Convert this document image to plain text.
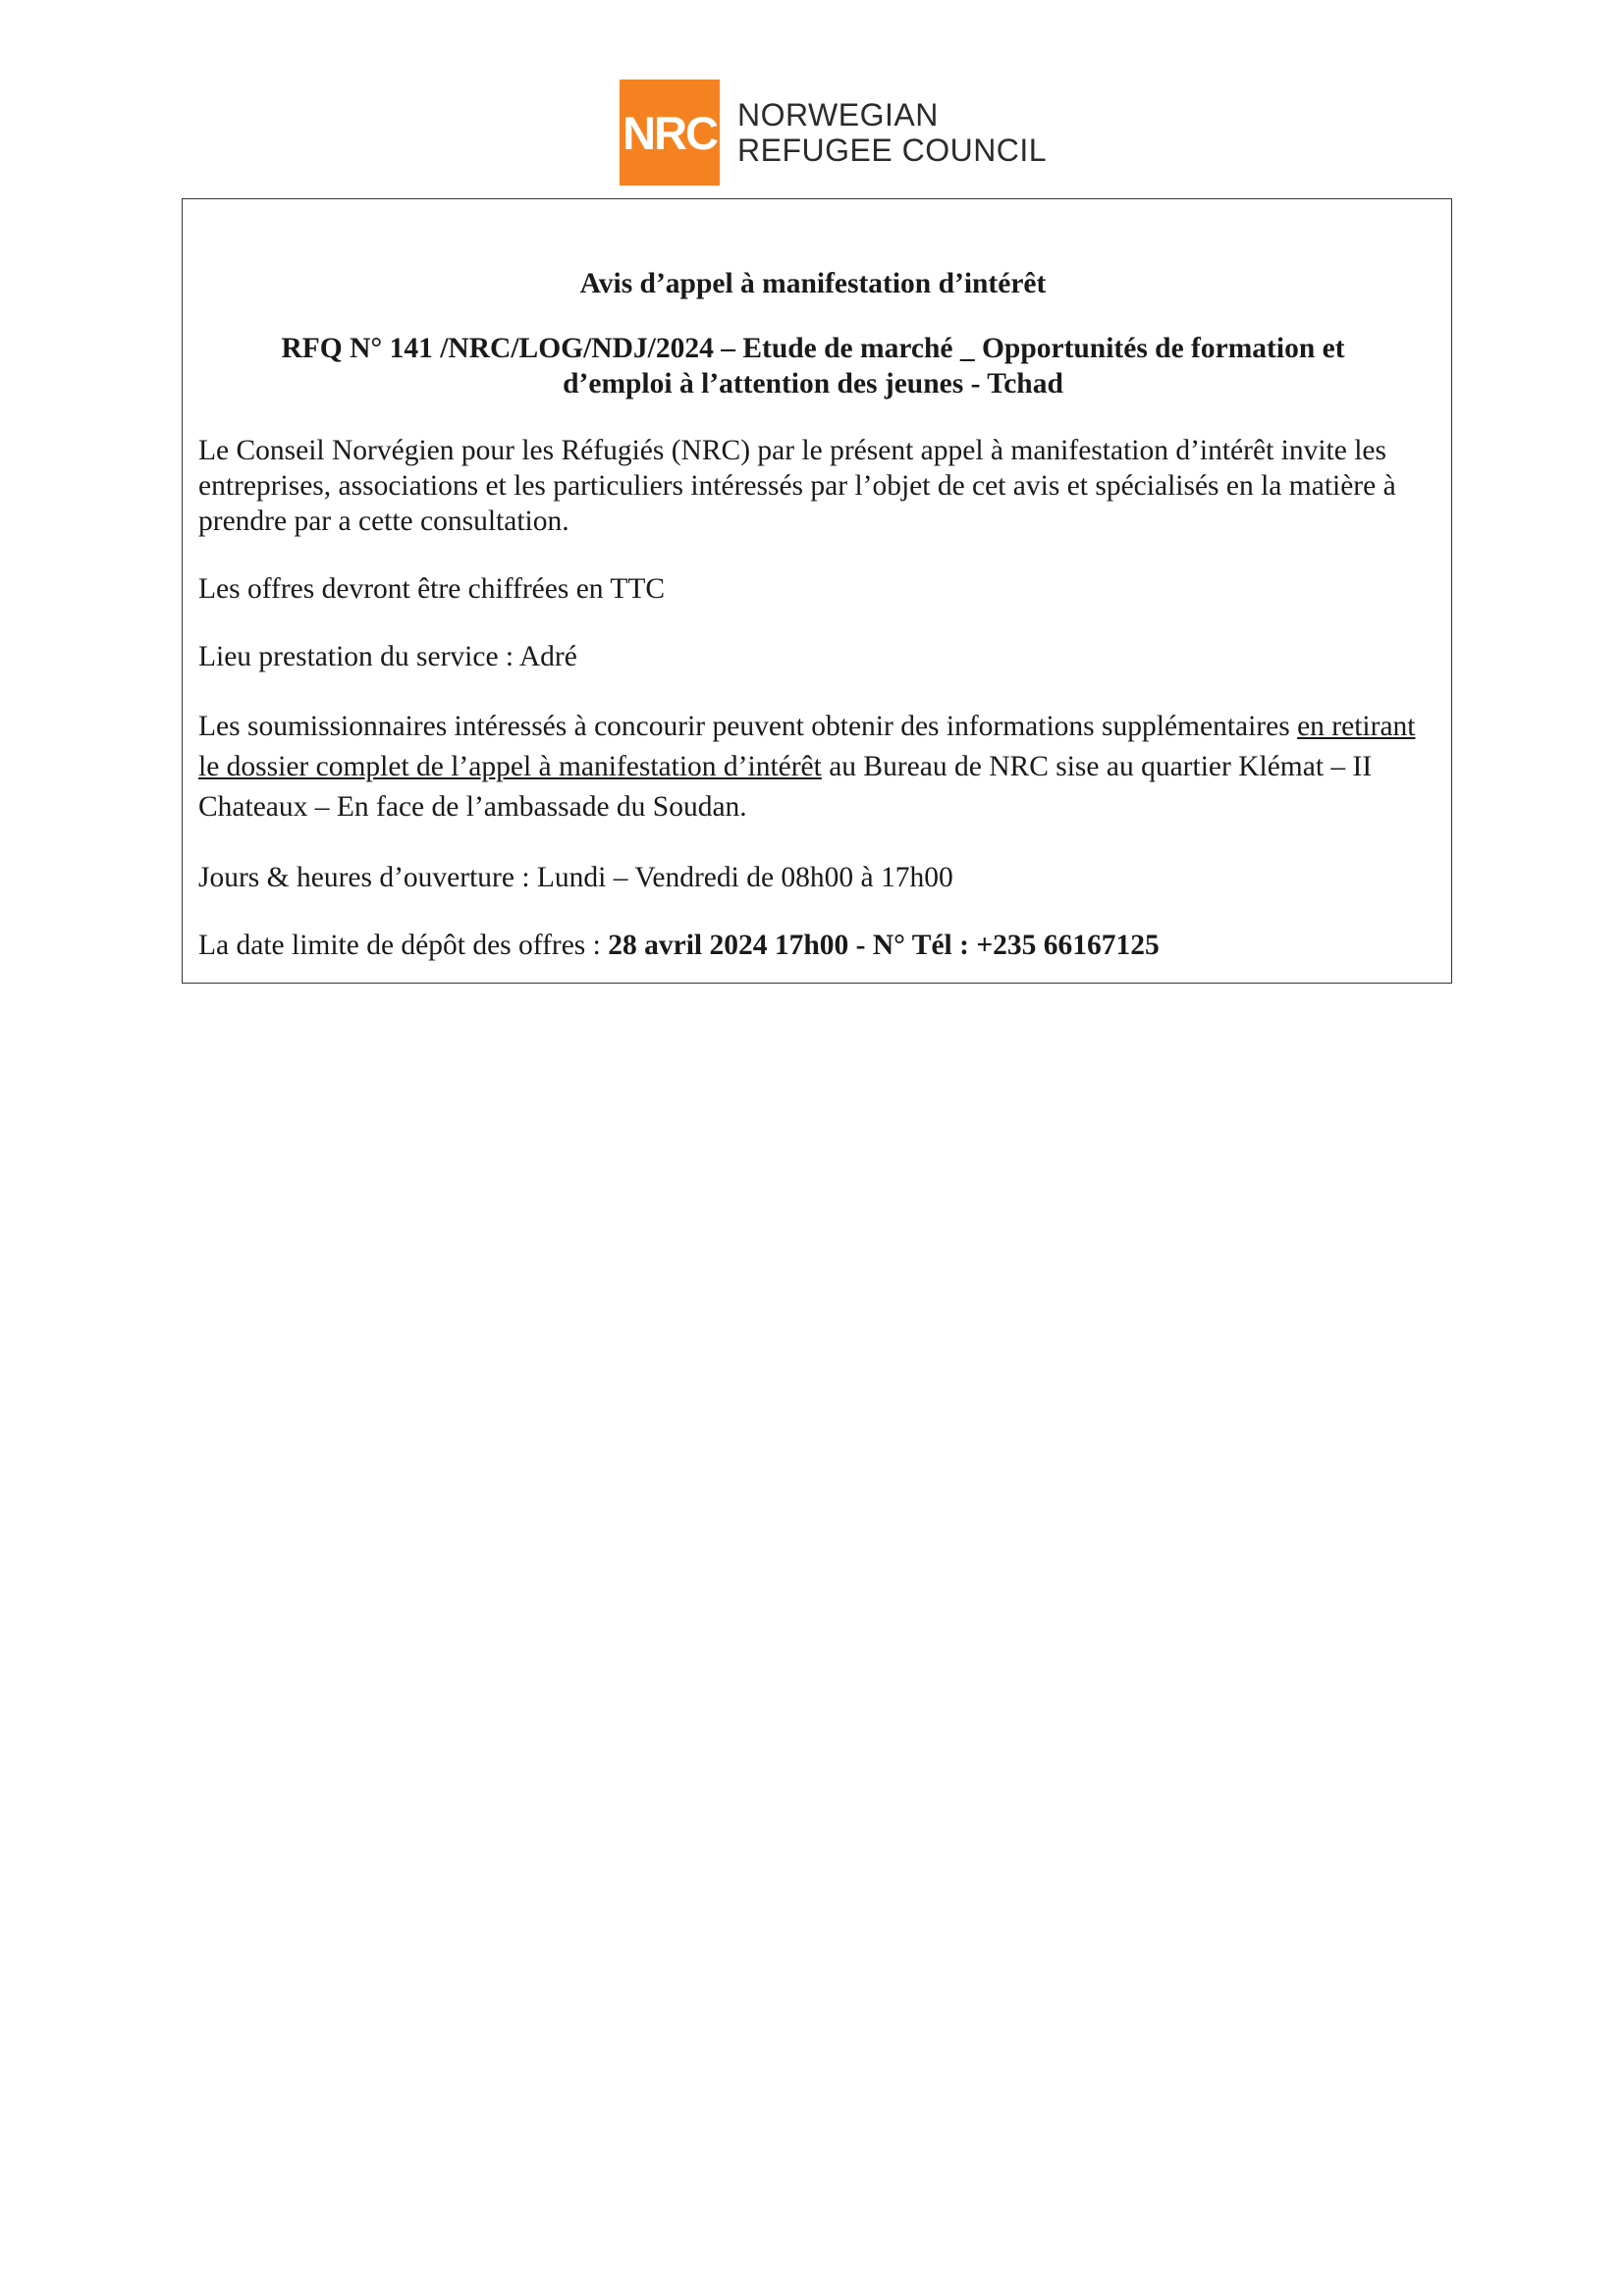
NRC NORWEGIAN
REFUGEE COUNCIL

Avis d’appel à manifestation d’intérêt

RFQ N° 141 /NRC/LOG/NDJ/2024 – Etude de marché _ Opportunités de formation et d’emploi à l’attention des jeunes - Tchad

Le Conseil Norvégien pour les Réfugiés (NRC) par le présent appel à manifestation d’intérêt invite les entreprises, associations et les particuliers intéressés par l’objet de cet avis et spécialisés en la matière à prendre par a cette consultation.

Les offres devront être chiffrées en TTC

Lieu prestation du service : Adré

Les soumissionnaires intéressés à concourir peuvent obtenir des informations supplémentaires en retirant le dossier complet de l’appel à manifestation d’intérêt au Bureau de NRC sise au quartier Klémat – II Chateaux – En face de l’ambassade du Soudan.

Jours & heures d’ouverture : Lundi – Vendredi de 08h00 à 17h00

La date limite de dépôt des offres : 28 avril 2024 17h00 - N° Tél : +235 66167125
